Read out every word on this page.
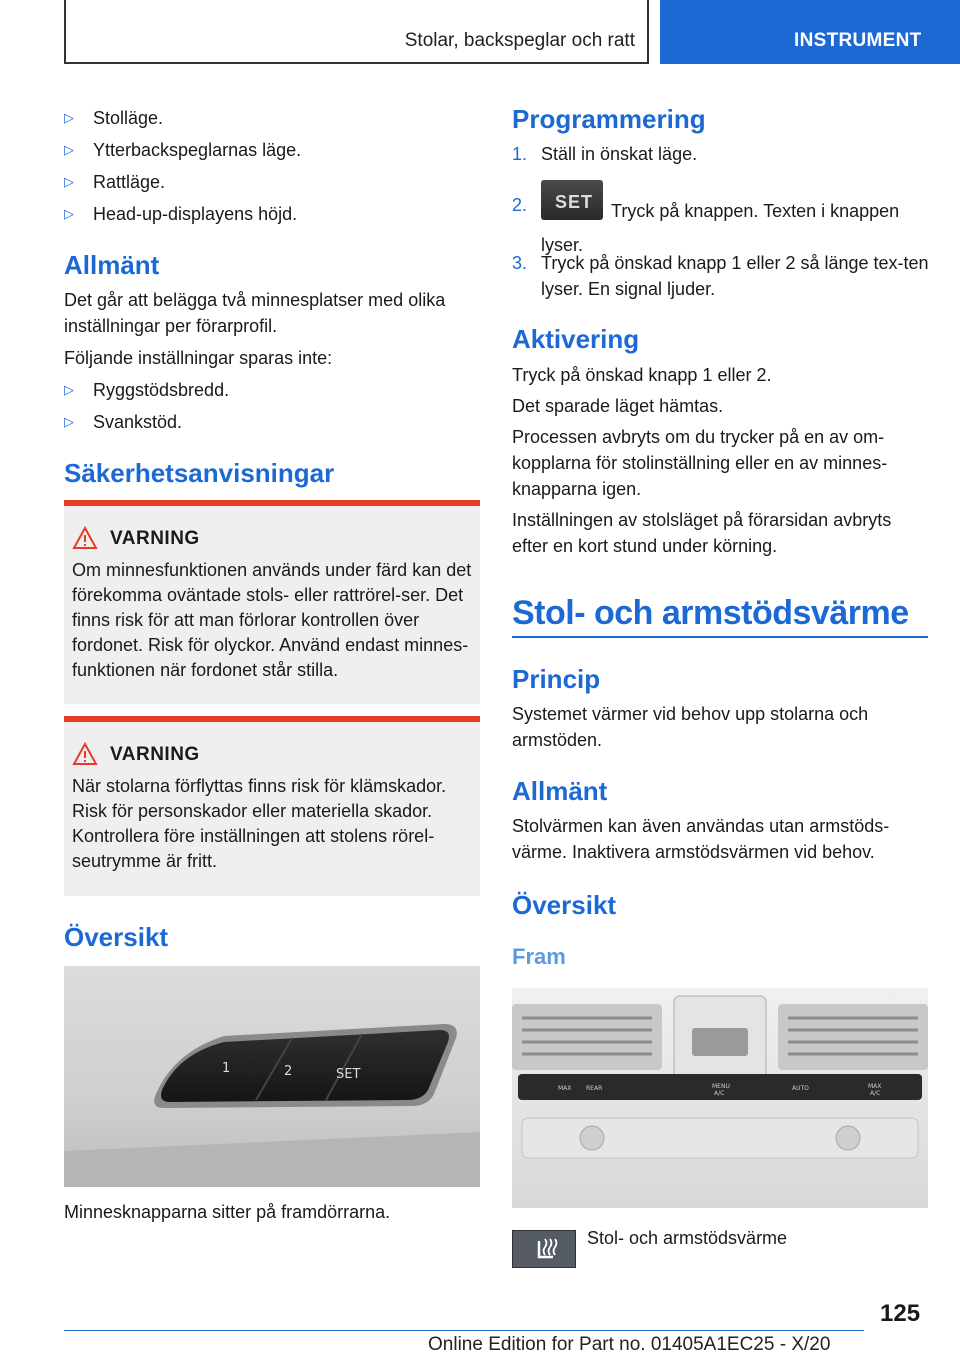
Stolar, backspeglar och ratt	INSTRUMENT
▷ Stolläge.
▷ Ytterbackspeglarnas läge.
▷ Rattläge.
▷ Head-up-displayens höjd.
Allmänt
Det går att belägga två minnesplatser med olika inställningar per förarprofil.
Följande inställningar sparas inte:
▷ Ryggstödsbredd.
▷ Svankstöd.
Säkerhetsanvisningar
VARNING
Om minnesfunktionen används under färd kan det förekomma oväntade stols- eller rattrörel-ser. Det finns risk för att man förlorar kontrollen över fordonet. Risk för olyckor. Använd endast minnes-funktionen när fordonet står stilla.
VARNING
När stolarna förflyttas finns risk för klämskador. Risk för personskador eller materiella skador. Kontrollera före inställningen att stolens rörel-seutrymme är fritt.
Översikt
1	2	SET
Minnesknapparna sitter på framdörrarna.
Programmering
1. Ställ in önskat läge.
2. SET Tryck på knappen. Texten i knappen lyser.
3. Tryck på önskad knapp 1 eller 2 så länge tex-ten lyser. En signal ljuder.
Aktivering
Tryck på önskad knapp 1 eller 2.
Det sparade läget hämtas.
Processen avbryts om du trycker på en av om-kopplarna för stolinställning eller en av minnes-knapparna igen.
Inställningen av stolsläget på förarsidan avbryts efter en kort stund under körning.
Stol- och armstödsvärme
Princip
Systemet värmer vid behov upp stolarna och armstöden.
Allmänt
Stolvärmen kan även användas utan armstöds-värme. Inaktivera armstödsvärmen vid behov.
Översikt
Fram
MAX REAR	MENU
A/C
AUTO	MAX
A/C
Stol- och armstödsvärme
125
Online Edition for Part no. 01405A1EC25 - X/20
